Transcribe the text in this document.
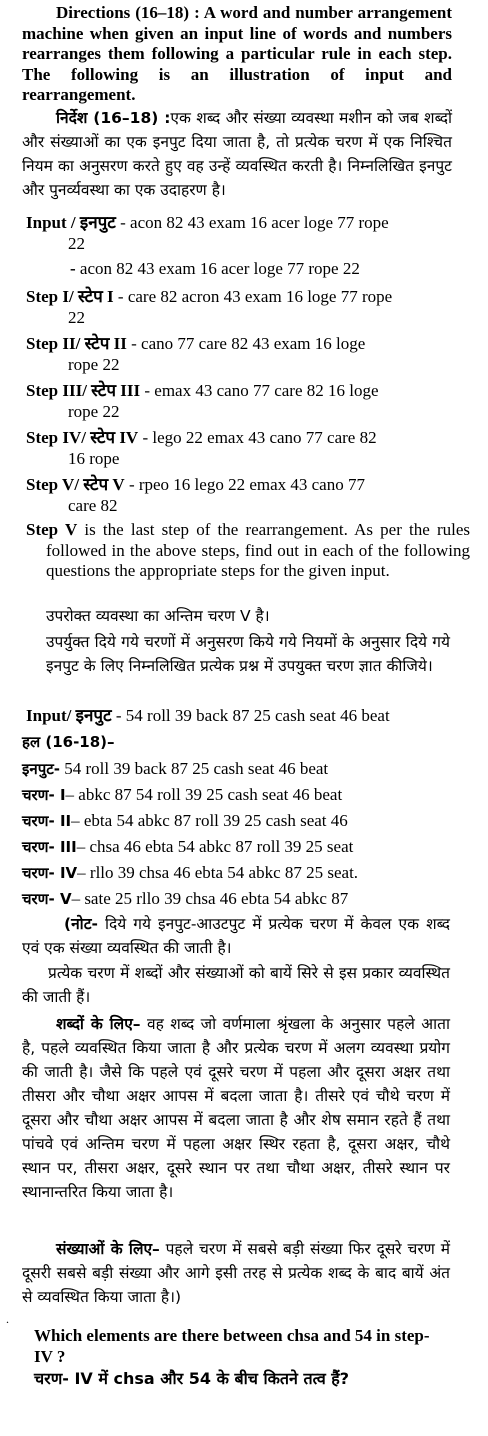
Directions (16–18) : A word and number arrangement machine when given an input line of words and numbers rearranges them following a particular rule in each step. The following is an illustration of input and rearrangement.
निर्देश (16–18) :एक शब्द और संख्या व्यवस्था मशीन को जब शब्दों और संख्याओं का एक इनपुट दिया जाता है, तो प्रत्येक चरण में एक निश्चित नियम का अनुसरण करते हुए वह उन्हें व्यवस्थित करती है। निम्नलिखित इनपुट और पुनर्व्यवस्था का एक उदाहरण है।
Input / इनपुट - acon 82 43 exam 16 acer loge 77 rope
22
- acon 82 43 exam 16 acer loge 77 rope 22
Step I/ स्टेप I - care 82 acron 43 exam 16 loge 77 rope
22
Step II/ स्टेप II - cano 77 care 82 43 exam 16 loge
rope 22
Step III/ स्टेप III - emax 43 cano 77 care 82 16 loge
rope 22
Step IV/ स्टेप IV - lego 22 emax 43 cano 77 care 82
16 rope
Step V/ स्टेप V - rpeo 16 lego 22 emax 43 cano 77
care 82
Step V is the last step of the rearrangement. As per the rules followed in the above steps, find out in each of the following questions the appropriate steps for the given input.
उपरोक्त व्यवस्था का अन्तिम चरण V है।
उपर्युक्त दिये गये चरणों में अनुसरण किये गये नियमों के अनुसार दिये गये इनपुट के लिए निम्नलिखित प्रत्येक प्रश्न में उपयुक्त चरण ज्ञात कीजिये।
Input/ इनपुट - 54 roll 39 back 87 25 cash seat 46 beat
हल (16-18)–
इनपुट- 54 roll 39 back 87 25 cash seat 46 beat
चरण- I– abkc 87 54 roll 39 25 cash seat 46 beat
चरण- II– ebta 54 abkc 87 roll 39 25 cash seat 46
चरण- III– chsa 46 ebta 54 abkc 87 roll 39 25 seat
चरण- IV– rllo 39 chsa 46 ebta 54 abkc 87 25 seat.
चरण- V– sate 25 rllo 39 chsa 46 ebta 54 abkc 87
(नोट- दिये गये इनपुट-आउटपुट में प्रत्येक चरण में केवल एक शब्द एवं एक संख्या व्यवस्थित की जाती है।
प्रत्येक चरण में शब्दों और संख्याओं को बायें सिरे से इस प्रकार व्यवस्थित की जाती हैं।
शब्दों के लिए– वह शब्द जो वर्णमाला श्रृंखला के अनुसार पहले आता है, पहले व्यवस्थित किया जाता है और प्रत्येक चरण में अलग व्यवस्था प्रयोग की जाती है। जैसे कि पहले एवं दूसरे चरण में पहला और दूसरा अक्षर तथा तीसरा और चौथा अक्षर आपस में बदला जाता है। तीसरे एवं चौथे चरण में दूसरा और चौथा अक्षर आपस में बदला जाता है और शेष समान रहते हैं तथा पांचवे एवं अन्तिम चरण में पहला अक्षर स्थिर रहता है, दूसरा अक्षर, चौथे स्थान पर, तीसरा अक्षर, दूसरे स्थान पर तथा चौथा अक्षर, तीसरे स्थान पर स्थानान्तरित किया जाता है।
संख्याओं के लिए– पहले चरण में सबसे बड़ी संख्या फिर दूसरे चरण में दूसरी सबसे बड़ी संख्या और आगे इसी तरह से प्रत्येक शब्द के बाद बायें अंत से व्यवस्थित किया जाता है।)
.
Which elements are there between chsa and 54 in step-IV ?
चरण- IV में chsa और 54 के बीच कितने तत्व हैं?
